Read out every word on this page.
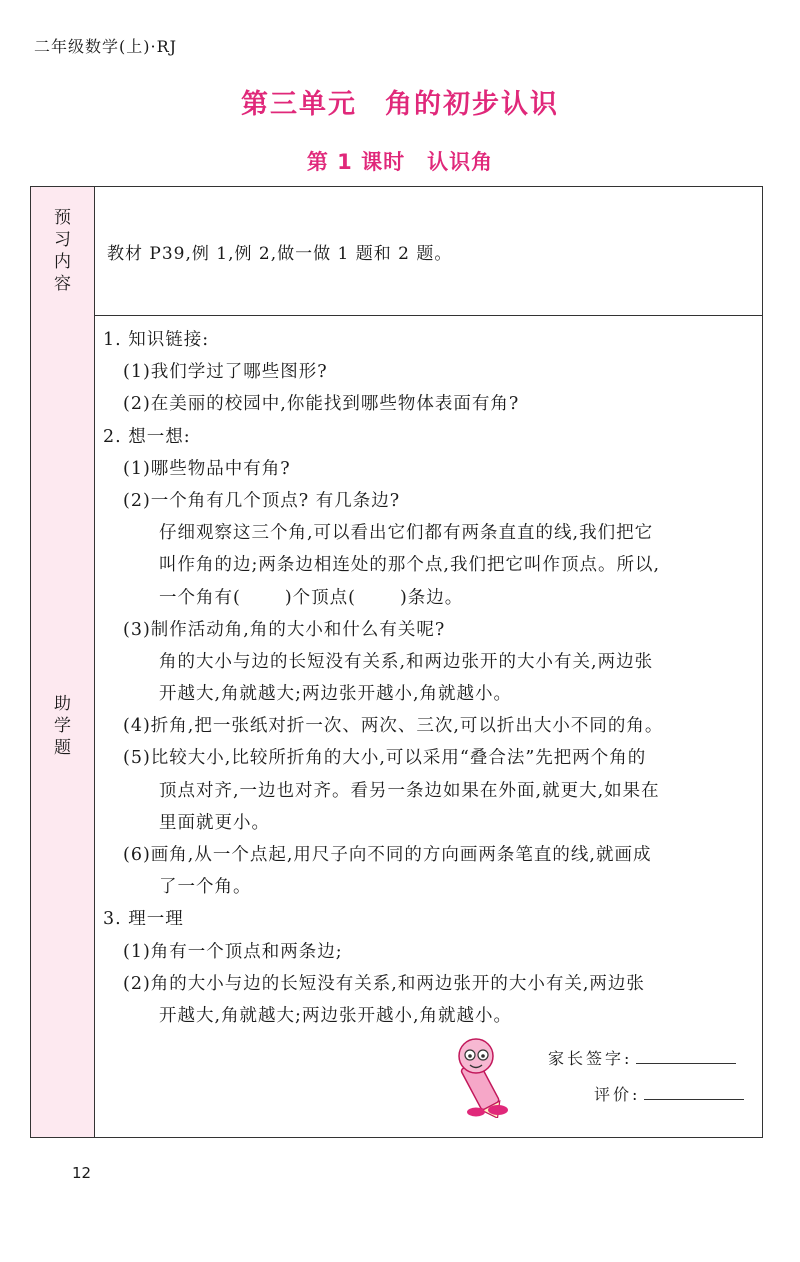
二年级数学(上)·RJ
第三单元 角的初步认识
第 1 课时 认识角
预习内容
教材 P39,例 1,例 2,做一做 1 题和 2 题。
助学题
1. 知识链接:
(1)我们学过了哪些图形?
(2)在美丽的校园中,你能找到哪些物体表面有角?
2. 想一想:
(1)哪些物品中有角?
(2)一个角有几个顶点? 有几条边?
仔细观察这三个角,可以看出它们都有两条直直的线,我们把它
叫作角的边;两条边相连处的那个点,我们把它叫作顶点。所以,
一个角有(	)个顶点(	)条边。
(3)制作活动角,角的大小和什么有关呢?
角的大小与边的长短没有关系,和两边张开的大小有关,两边张
开越大,角就越大;两边张开越小,角就越小。
(4)折角,把一张纸对折一次、两次、三次,可以折出大小不同的角。
(5)比较大小,比较所折角的大小,可以采用“叠合法”先把两个角的
顶点对齐,一边也对齐。看另一条边如果在外面,就更大,如果在
里面就更小。
(6)画角,从一个点起,用尺子向不同的方向画两条笔直的线,就画成
了一个角。
3. 理一理
(1)角有一个顶点和两条边;
(2)角的大小与边的长短没有关系,和两边张开的大小有关,两边张
开越大,角就越大;两边张开越小,角就越小。
家长签字:
评价:
12
